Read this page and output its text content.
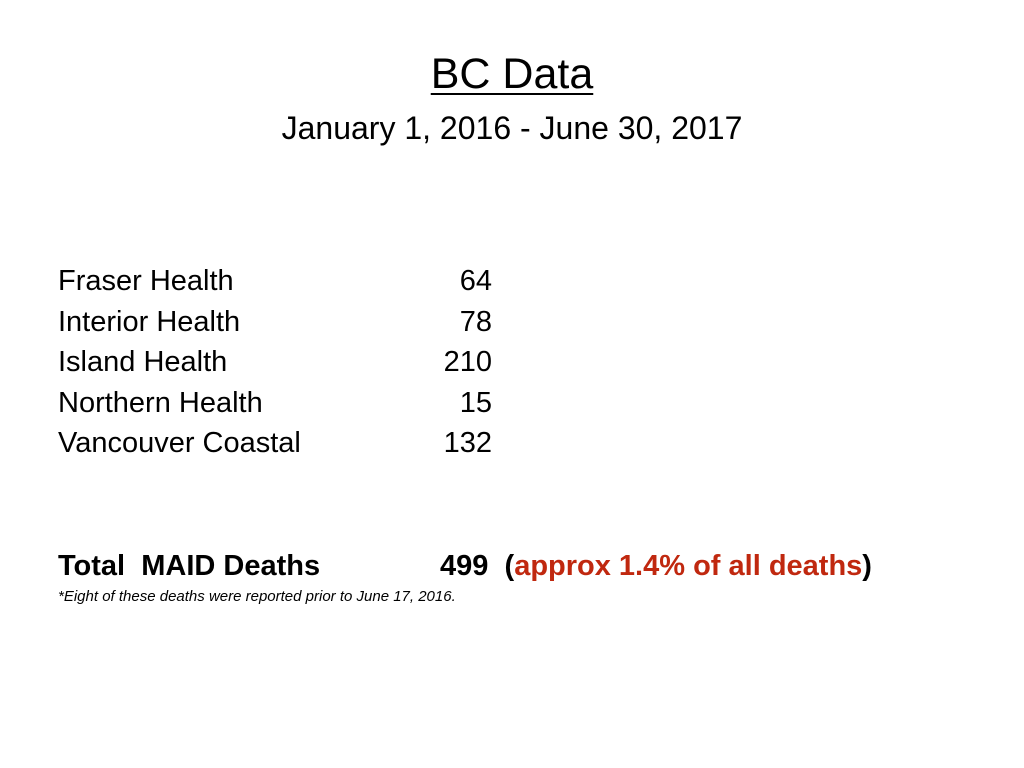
BC Data
January 1, 2016 - June 30, 2017
Fraser Health	64
Interior Health	78
Island Health	210
Northern Health	15
Vancouver Coastal	132
Total  MAID Deaths	499 (approx 1.4% of all deaths)
*Eight of these deaths were reported prior to June 17, 2016.
